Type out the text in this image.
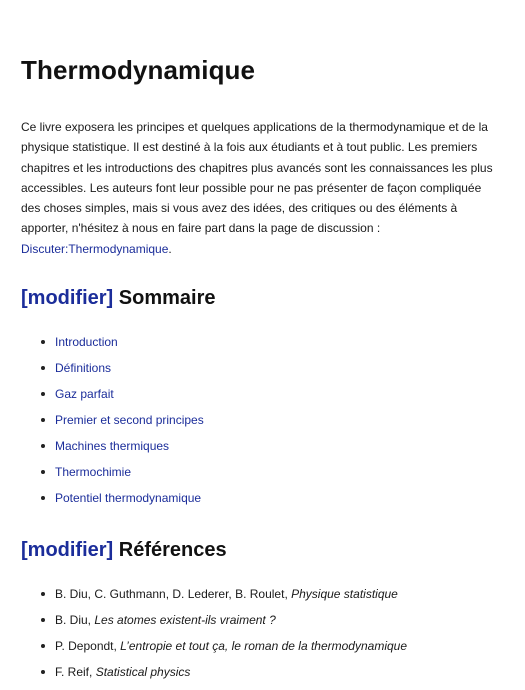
Thermodynamique

Ce livre exposera les principes et quelques applications de la thermodynamique et de la physique statistique. Il est destiné à la fois aux étudiants et à tout public. Les premiers chapitres et les introductions des chapitres plus avancés sont les connaissances les plus accessibles. Les auteurs font leur possible pour ne pas présenter de façon compliquée des choses simples, mais si vous avez des idées, des critiques ou des éléments à apporter, n'hésitez à nous en faire part dans la page de discussion : Discuter:Thermodynamique.

[modifier] Sommaire
Introduction
Définitions
Gaz parfait
Premier et second principes
Machines thermiques
Thermochimie
Potentiel thermodynamique
[modifier] Références
B. Diu, C. Guthmann, D. Lederer, B. Roulet, Physique statistique
B. Diu, Les atomes existent-ils vraiment ?
P. Depondt, L’entropie et tout ça, le roman de la thermodynamique
F. Reif, Statistical physics
